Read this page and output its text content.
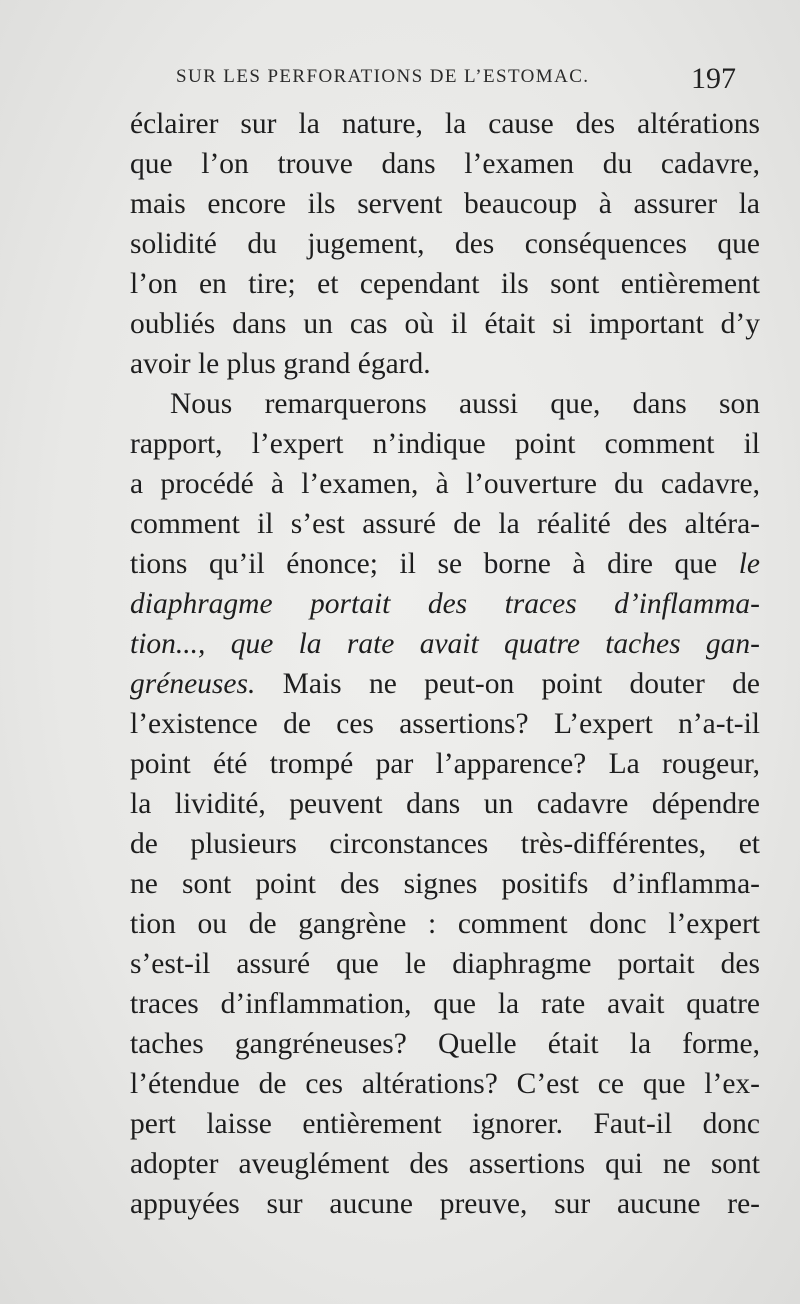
SUR LES PERFORATIONS DE L’ESTOMAC.	197
éclairer sur la nature, la cause des altérations
que l’on trouve dans l’examen du cadavre,
mais encore ils servent beaucoup à assurer la
solidité du jugement, des conséquences que
l’on en tire; et cependant ils sont entièrement
oubliés dans un cas où il était si important d’y
avoir le plus grand égard.
Nous remarquerons aussi que, dans son
rapport, l’expert n’indique point comment il
a procédé à l’examen, à l’ouverture du cadavre,
comment il s’est assuré de la réalité des altéra-
tions qu’il énonce; il se borne à dire que le
diaphragme portait des traces d’inflamma-
tion..., que la rate avait quatre taches gan-
gréneuses. Mais ne peut-on point douter de
l’existence de ces assertions? L’expert n’a-t-il
point été trompé par l’apparence? La rougeur,
la lividité, peuvent dans un cadavre dépendre
de plusieurs circonstances très-différentes, et
ne sont point des signes positifs d’inflamma-
tion ou de gangrène : comment donc l’expert
s’est-il assuré que le diaphragme portait des
traces d’inflammation, que la rate avait quatre
taches gangréneuses? Quelle était la forme,
l’étendue de ces altérations? C’est ce que l’ex-
pert laisse entièrement ignorer. Faut-il donc
adopter aveuglément des assertions qui ne sont
appuyées sur aucune preuve, sur aucune re-
